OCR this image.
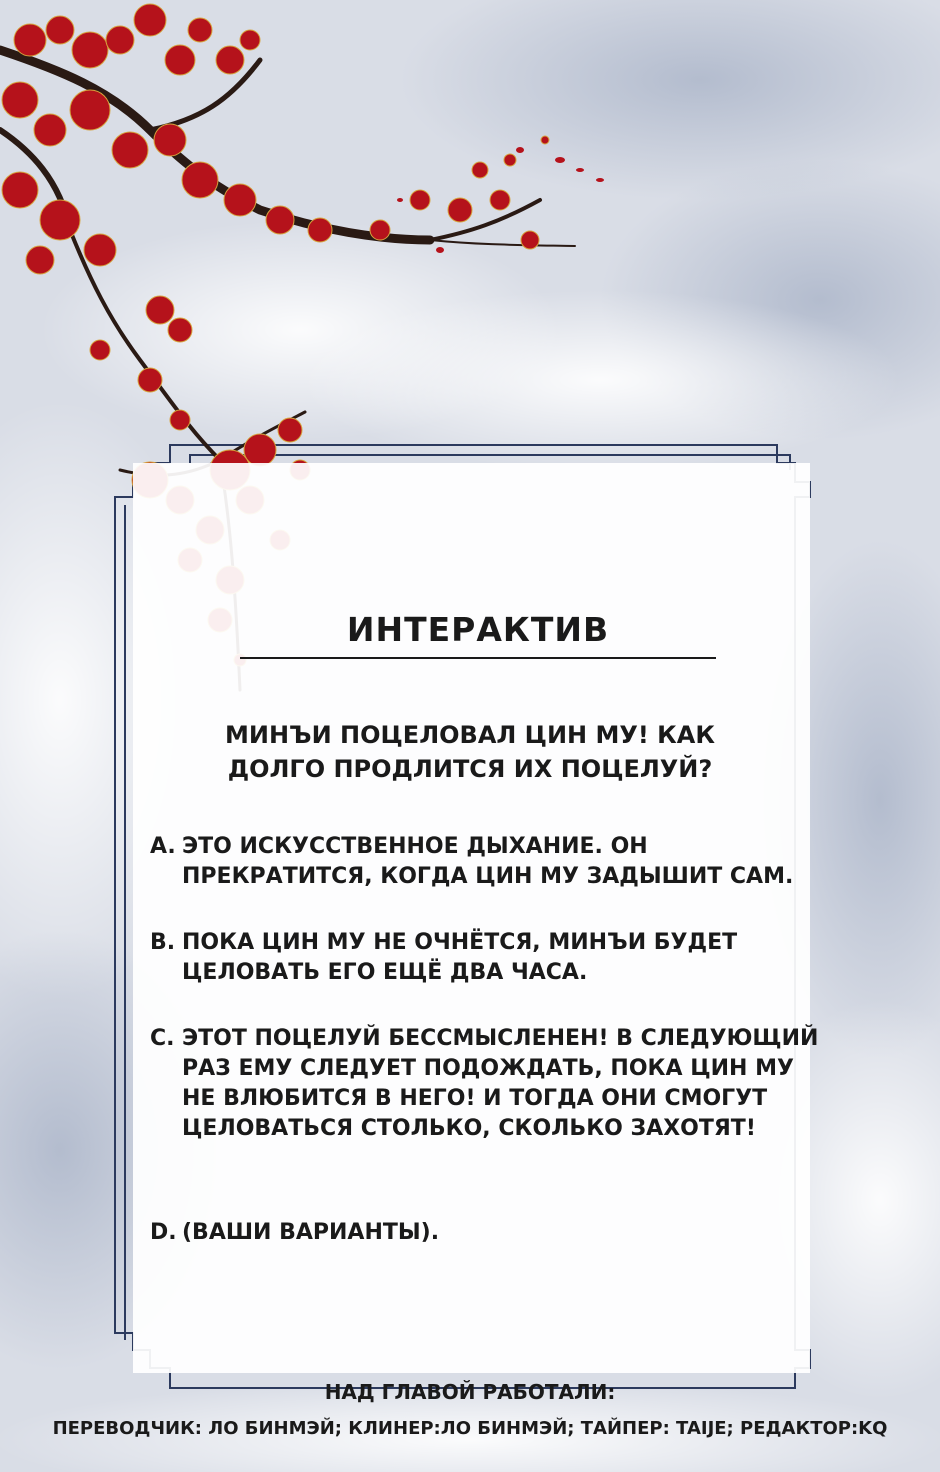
ИНТЕРАКТИВ
МИНЪИ ПОЦЕЛОВАЛ ЦИН МУ! КАК
ДОЛГО ПРОДЛИТСЯ ИХ ПОЦЕЛУЙ?
A. ЭТО ИСКУССТВЕННОЕ ДЫХАНИЕ. ОН
ПРЕКРАТИТСЯ, КОГДА ЦИН МУ ЗАДЫШИТ САМ.
B. ПОКА ЦИН МУ НЕ ОЧНЁТСЯ, МИНЪИ БУДЕТ
ЦЕЛОВАТЬ ЕГО ЕЩЁ ДВА ЧАСА.
C. ЭТОТ ПОЦЕЛУЙ БЕССМЫСЛЕНЕН! В СЛЕДУЮЩИЙ
РАЗ ЕМУ СЛЕДУЕТ ПОДОЖДАТЬ, ПОКА ЦИН МУ
НЕ ВЛЮБИТСЯ В НЕГО! И ТОГДА ОНИ СМОГУТ
ЦЕЛОВАТЬСЯ СТОЛЬКО, СКОЛЬКО ЗАХОТЯТ!
D. (ВАШИ ВАРИАНТЫ).
НАД ГЛАВОЙ РАБОТАЛИ:
ПЕРЕВОДЧИК: ЛО БИНМЭЙ; КЛИНЕР:ЛО БИНМЭЙ; ТАЙПЕР: TAIJE; РЕДАКТОР:KQ
